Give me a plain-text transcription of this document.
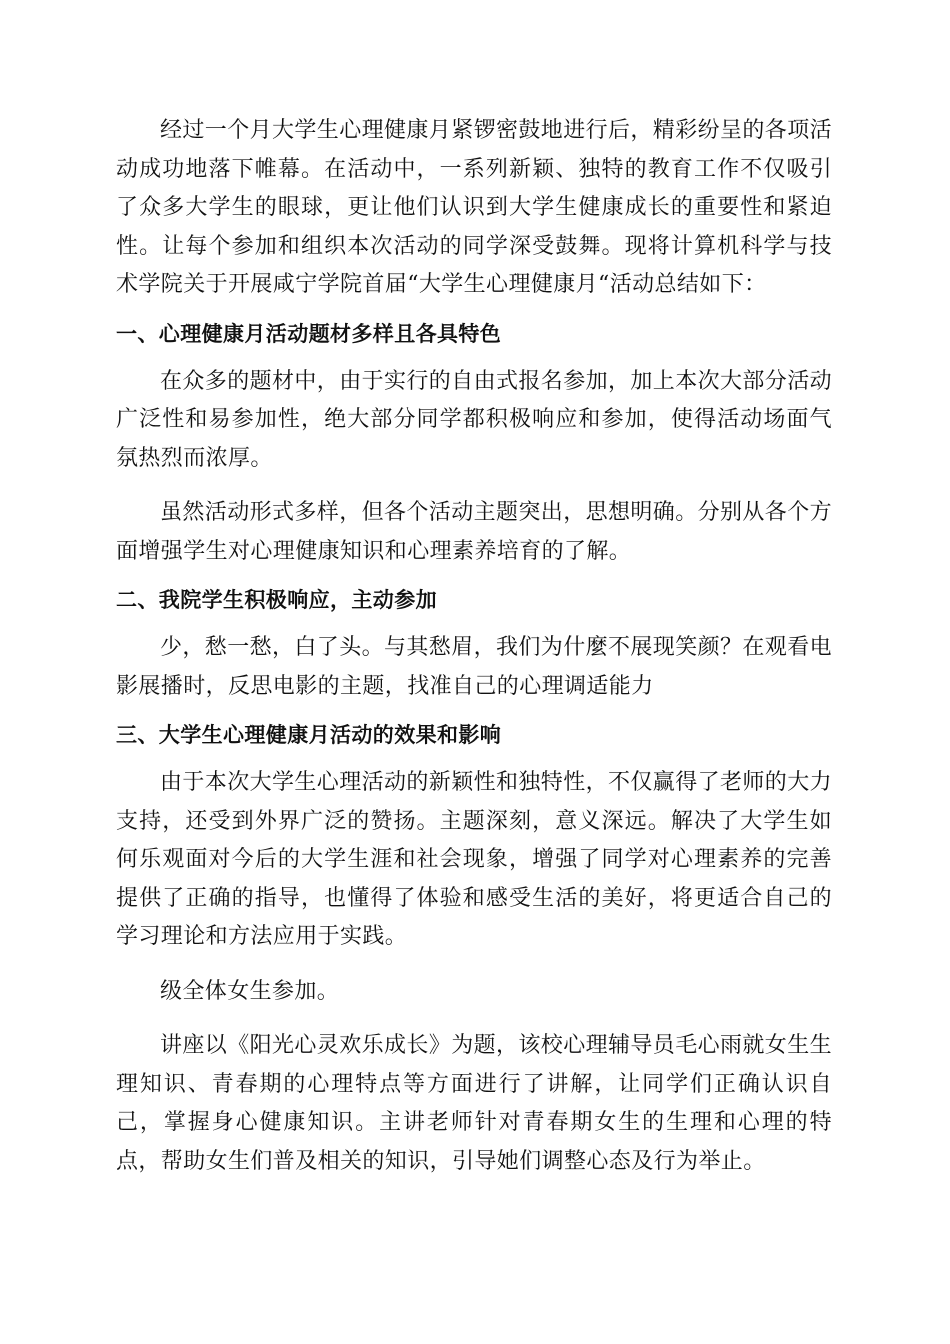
经过一个月大学生心理健康月紧锣密鼓地进行后，精彩纷呈的各项活动成功地落下帷幕。在活动中，一系列新颖、独特的教育工作不仅吸引了众多大学生的眼球，更让他们认识到大学生健康成长的重要性和紧迫性。让每个参加和组织本次活动的同学深受鼓舞。现将计算机科学与技术学院关于开展咸宁学院首届“大学生心理健康月“活动总结如下：

一、心理健康月活动题材多样且各具特色

在众多的题材中，由于实行的自由式报名参加，加上本次大部分活动广泛性和易参加性，绝大部分同学都积极响应和参加，使得活动场面气氛热烈而浓厚。

虽然活动形式多样，但各个活动主题突出，思想明确。分别从各个方面增强学生对心理健康知识和心理素养培育的了解。

二、我院学生积极响应，主动参加

少，愁一愁，白了头。与其愁眉，我们为什麼不展现笑颜？在观看电影展播时，反思电影的主题，找准自己的心理调适能力

三、大学生心理健康月活动的效果和影响

由于本次大学生心理活动的新颖性和独特性，不仅赢得了老师的大力支持，还受到外界广泛的赞扬。主题深刻，意义深远。解决了大学生如何乐观面对今后的大学生涯和社会现象，增强了同学对心理素养的完善提供了正确的指导，也懂得了体验和感受生活的美好，将更适合自己的学习理论和方法应用于实践。

级全体女生参加。

讲座以《阳光心灵欢乐成长》为题，该校心理辅导员毛心雨就女生生理知识、青春期的心理特点等方面进行了讲解，让同学们正确认识自己，掌握身心健康知识。主讲老师针对青春期女生的生理和心理的特点，帮助女生们普及相关的知识，引导她们调整心态及行为举止。
